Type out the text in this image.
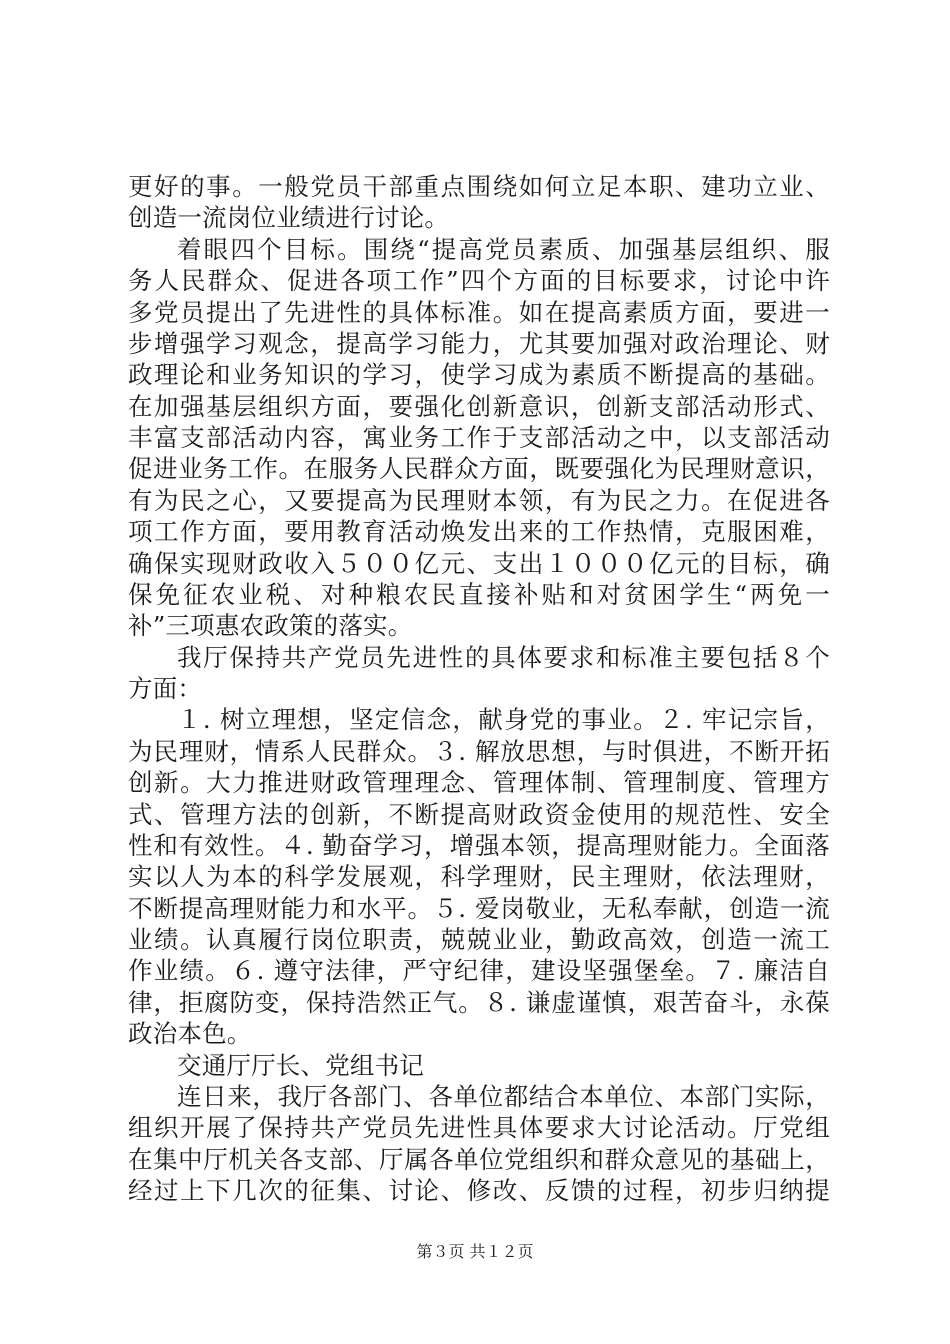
更好的事。一般党员干部重点围绕如何立足本职、建功立业、
创造一流岗位业绩进行讨论。
着眼四个目标。围绕“提高党员素质、加强基层组织、服
务人民群众、促进各项工作”四个方面的目标要求，讨论中许
多党员提出了先进性的具体标准。如在提高素质方面，要进一
步增强学习观念，提高学习能力，尤其要加强对政治理论、财
政理论和业务知识的学习，使学习成为素质不断提高的基础。
在加强基层组织方面，要强化创新意识，创新支部活动形式、
丰富支部活动内容，寓业务工作于支部活动之中，以支部活动
促进业务工作。在服务人民群众方面，既要强化为民理财意识，
有为民之心，又要提高为民理财本领，有为民之力。在促进各
项工作方面，要用教育活动焕发出来的工作热情，克服困难，
确保实现财政收入５００亿元、支出１０００亿元的目标，确
保免征农业税、对种粮农民直接补贴和对贫困学生“两免一
补”三项惠农政策的落实。
我厅保持共产党员先进性的具体要求和标准主要包括８个
方面：
１. 树立理想，坚定信念，献身党的事业。２. 牢记宗旨，
为民理财，情系人民群众。３. 解放思想，与时俱进，不断开拓
创新。大力推进财政管理理念、管理体制、管理制度、管理方
式、管理方法的创新，不断提高财政资金使用的规范性、安全
性和有效性。４. 勤奋学习，增强本领，提高理财能力。全面落
实以人为本的科学发展观，科学理财，民主理财，依法理财，
不断提高理财能力和水平。５. 爱岗敬业，无私奉献，创造一流
业绩。认真履行岗位职责，兢兢业业，勤政高效，创造一流工
作业绩。６. 遵守法律，严守纪律，建设坚强堡垒。７. 廉洁自
律，拒腐防变，保持浩然正气。８. 谦虚谨慎，艰苦奋斗，永葆
政治本色。
交通厅厅长、党组书记
连日来，我厅各部门、各单位都结合本单位、本部门实际，
组织开展了保持共产党员先进性具体要求大讨论活动。厅党组
在集中厅机关各支部、厅属各单位党组织和群众意见的基础上，
经过上下几次的征集、讨论、修改、反馈的过程，初步归纳提
第３页 共１２页
